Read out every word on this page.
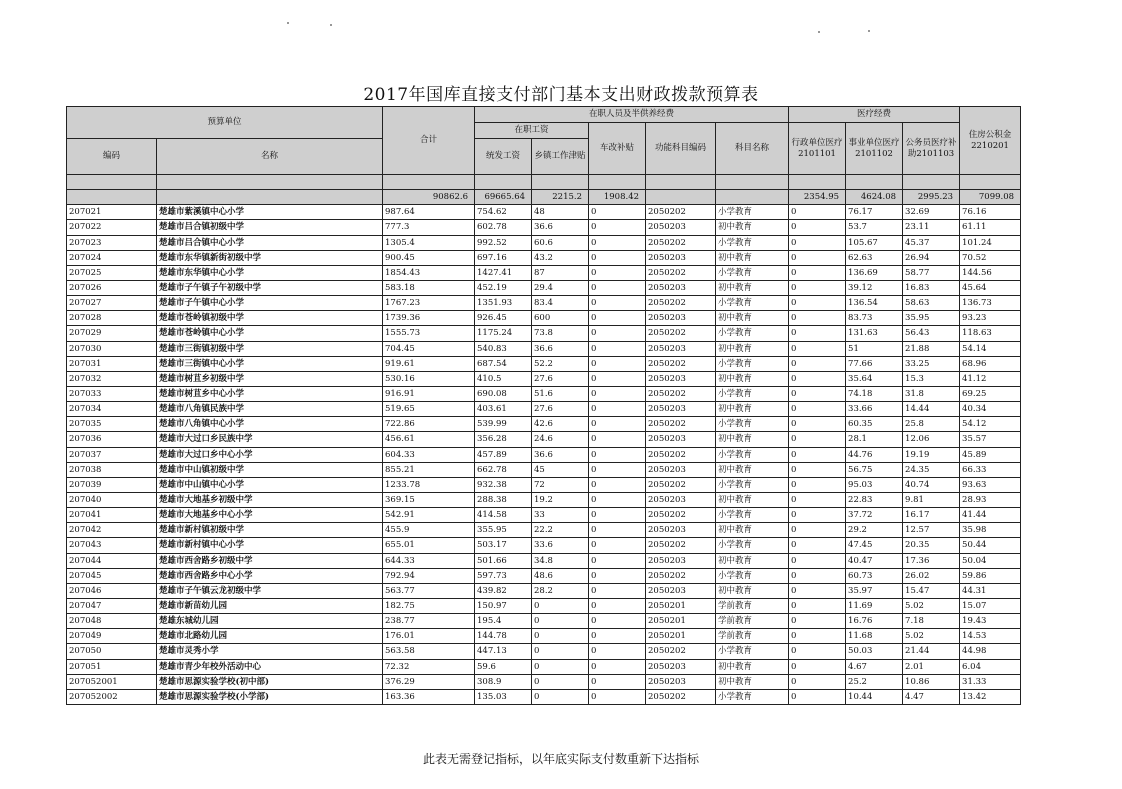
2017年国库直接支付部门基本支出财政拨款预算表
预算单位		合计	在职人员及半供养经费					医疗经费			住房公积金2210201
			在职工资		车改补贴	功能科目编码	科目名称	行政单位医疗2101101	事业单位医疗2101102	公务员医疗补助2101103	
编码	名称		统发工资	乡镇工作津贴							

		90862.6	69665.64	2215.2	1908.42			2354.95	4624.08	2995.23	7099.08
207021	楚雄市紫溪镇中心小学	987.64	754.62	48	0	2050202	小学教育	0	76.17	32.69	76.16
207022	楚雄市吕合镇初级中学	777.3	602.78	36.6	0	2050203	初中教育	0	53.7	23.11	61.11
207023	楚雄市吕合镇中心小学	1305.4	992.52	60.6	0	2050202	小学教育	0	105.67	45.37	101.24
207024	楚雄市东华镇新街初级中学	900.45	697.16	43.2	0	2050203	初中教育	0	62.63	26.94	70.52
207025	楚雄市东华镇中心小学	1854.43	1427.41	87	0	2050202	小学教育	0	136.69	58.77	144.56
207026	楚雄市子午镇子午初级中学	583.18	452.19	29.4	0	2050203	初中教育	0	39.12	16.83	45.64
207027	楚雄市子午镇中心小学	1767.23	1351.93	83.4	0	2050202	小学教育	0	136.54	58.63	136.73
207028	楚雄市苍岭镇初级中学	1739.36	926.45	600	0	2050203	初中教育	0	83.73	35.95	93.23
207029	楚雄市苍岭镇中心小学	1555.73	1175.24	73.8	0	2050202	小学教育	0	131.63	56.43	118.63
207030	楚雄市三街镇初级中学	704.45	540.83	36.6	0	2050203	初中教育	0	51	21.88	54.14
207031	楚雄市三街镇中心小学	919.61	687.54	52.2	0	2050202	小学教育	0	77.66	33.25	68.96
207032	楚雄市树苴乡初级中学	530.16	410.5	27.6	0	2050203	初中教育	0	35.64	15.3	41.12
207033	楚雄市树苴乡中心小学	916.91	690.08	51.6	0	2050202	小学教育	0	74.18	31.8	69.25
207034	楚雄市八角镇民族中学	519.65	403.61	27.6	0	2050203	初中教育	0	33.66	14.44	40.34
207035	楚雄市八角镇中心小学	722.86	539.99	42.6	0	2050202	小学教育	0	60.35	25.8	54.12
207036	楚雄市大过口乡民族中学	456.61	356.28	24.6	0	2050203	初中教育	0	28.1	12.06	35.57
207037	楚雄市大过口乡中心小学	604.33	457.89	36.6	0	2050202	小学教育	0	44.76	19.19	45.89
207038	楚雄市中山镇初级中学	855.21	662.78	45	0	2050203	初中教育	0	56.75	24.35	66.33
207039	楚雄市中山镇中心小学	1233.78	932.38	72	0	2050202	小学教育	0	95.03	40.74	93.63
207040	楚雄市大地基乡初级中学	369.15	288.38	19.2	0	2050203	初中教育	0	22.83	9.81	28.93
207041	楚雄市大地基乡中心小学	542.91	414.58	33	0	2050202	小学教育	0	37.72	16.17	41.44
207042	楚雄市新村镇初级中学	455.9	355.95	22.2	0	2050203	初中教育	0	29.2	12.57	35.98
207043	楚雄市新村镇中心小学	655.01	503.17	33.6	0	2050202	小学教育	0	47.45	20.35	50.44
207044	楚雄市西舍路乡初级中学	644.33	501.66	34.8	0	2050203	初中教育	0	40.47	17.36	50.04
207045	楚雄市西舍路乡中心小学	792.94	597.73	48.6	0	2050202	小学教育	0	60.73	26.02	59.86
207046	楚雄市子午镇云龙初级中学	563.77	439.82	28.2	0	2050203	初中教育	0	35.97	15.47	44.31
207047	楚雄市新苗幼儿园	182.75	150.97	0	0	2050201	学前教育	0	11.69	5.02	15.07
207048	楚雄东城幼儿园	238.77	195.4	0	0	2050201	学前教育	0	16.76	7.18	19.43
207049	楚雄市北路幼儿园	176.01	144.78	0	0	2050201	学前教育	0	11.68	5.02	14.53
207050	楚雄市灵秀小学	563.58	447.13	0	0	2050202	小学教育	0	50.03	21.44	44.98
207051	楚雄市青少年校外活动中心	72.32	59.6	0	0	2050203	初中教育	0	4.67	2.01	6.04
207052001	楚雄市思源实验学校(初中部)	376.29	308.9	0	0	2050203	初中教育	0	25.2	10.86	31.33
207052002	楚雄市思源实验学校(小学部)	163.36	135.03	0	0	2050202	小学教育	0	10.44	4.47	13.42
此表无需登记指标，以年底实际支付数重新下达指标
